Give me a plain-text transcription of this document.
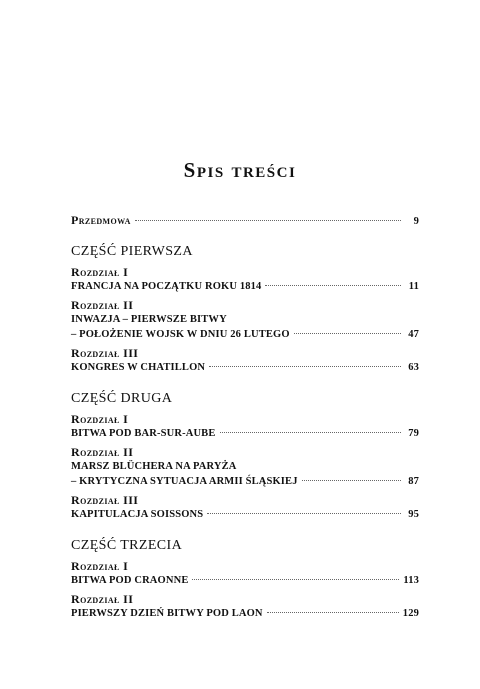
Spis treści
Przedmowa	9
CZĘŚĆ PIERWSZA
Rozdział I
FRANCJA NA POCZĄTKU ROKU 1814	11
Rozdział II
INWAZJA – PIERWSZE BITWY
– POŁOŻENIE WOJSK W DNIU 26 LUTEGO	47
Rozdział III
KONGRES W CHATILLON	63
CZĘŚĆ DRUGA
Rozdział I
BITWA POD BAR-SUR-AUBE	79
Rozdział II
MARSZ BLÜCHERA NA PARYŻA
– KRYTYCZNA SYTUACJA ARMII ŚLĄSKIEJ	87
Rozdział III
KAPITULACJA SOISSONS	95
CZĘŚĆ TRZECIA
Rozdział I
BITWA POD CRAONNE	113
Rozdział II
PIERWSZY DZIEŃ BITWY POD LAON	129
